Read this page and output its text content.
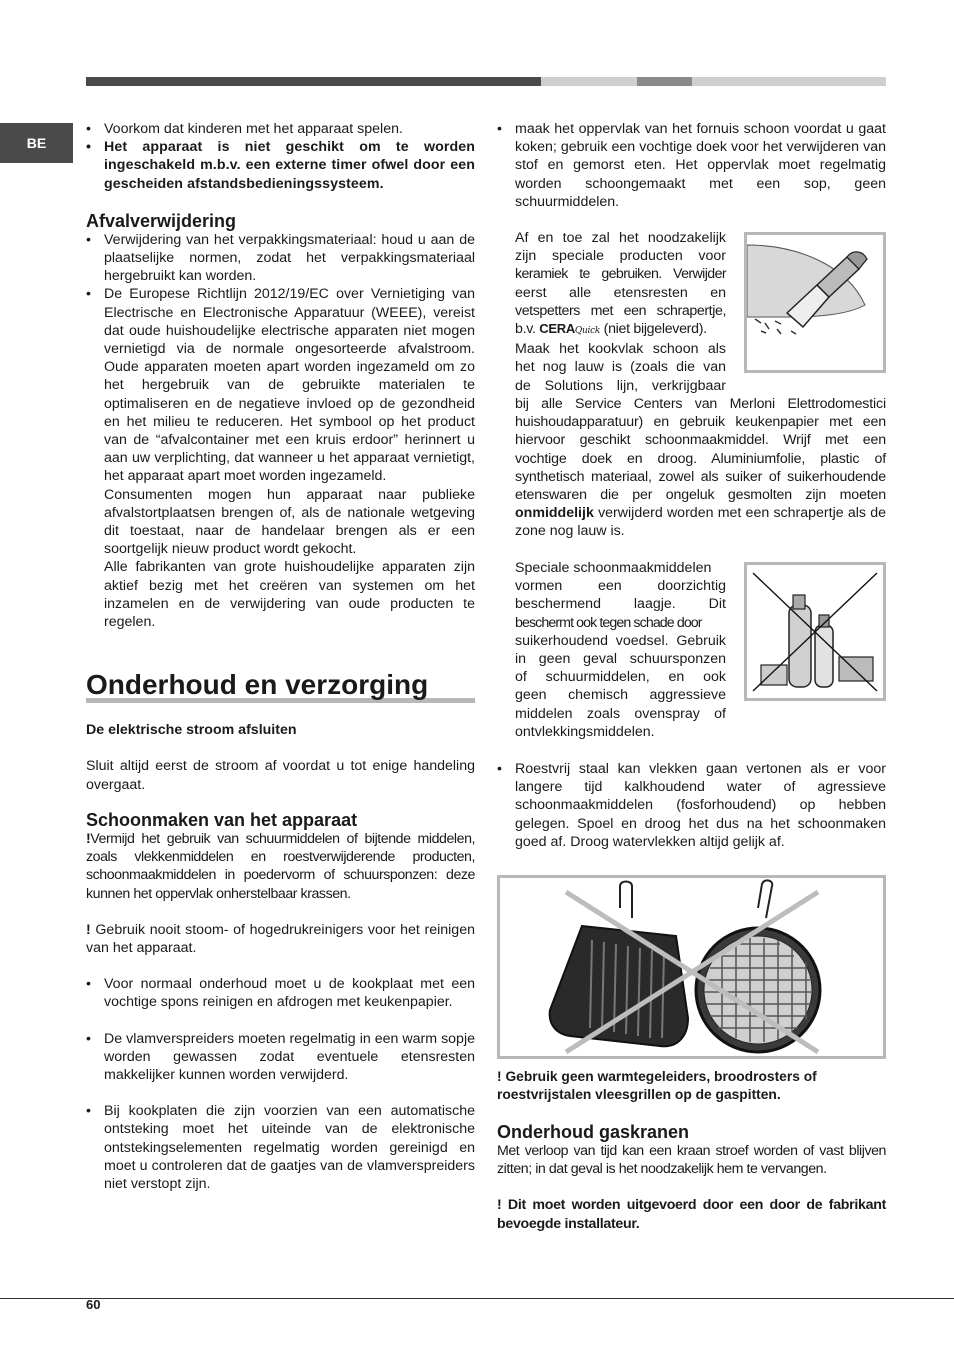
BE
• Voorkom dat kinderen met het apparaat spelen.
• Het apparaat is niet geschikt om te worden ingeschakeld m.b.v. een externe timer ofwel door een gescheiden afstandsbedieningssysteem.
Afvalverwijdering
• Verwijdering van het verpakkingsmateriaal: houd u aan de plaatselijke normen, zodat het verpakkingsmateriaal hergebruikt kan worden.
• De Europese Richtlijn 2012/19/EC over Vernietiging van Electrische en Electronische Apparatuur (WEEE), vereist dat oude huishoudelijke electrische apparaten niet mogen vernietigd via de normale ongesorteerde afvalstroom. Oude apparaten moeten apart worden ingezameld om zo het hergebruik van de gebruikte materialen te optimaliseren en de negatieve invloed op de gezondheid en het milieu te reduceren. Het symbool op het product van de “afvalcontainer met een kruis erdoor” herinnert u aan uw verplichting, dat wanneer u het apparaat vernietigt, het apparaat apart moet worden ingezameld.

Consumenten mogen hun apparaat naar publieke afvalstortplaatsen brengen of, als de nationale wetgeving dit toestaat, naar de handelaar brengen als er een soortgelijk nieuw product wordt gekocht.

Alle fabrikanten van grote huishoudelijke apparaten zijn aktief bezig met het creëren van systemen om het inzamelen en de verwijdering van oude producten te regelen.

Onderhoud en verzorging

De elektrische stroom afsluiten

Sluit altijd eerst de stroom af voordat u tot enige handeling overgaat.

Schoonmaken van het apparaat

!Vermijd het gebruik van schuurmiddelen of bijtende middelen, zoals vlekkenmiddelen en roestverwijderende producten, schoonmaakmiddelen in poedervorm of schuursponzen: deze kunnen het oppervlak onherstelbaar krassen.

! Gebruik nooit stoom- of hogedrukreinigers voor het reinigen van het apparaat.

• Voor normaal onderhoud moet u de kookplaat met een vochtige spons reinigen en afdrogen met keukenpapier.
• De vlamverspreiders moeten regelmatig in een warm sopje worden gewassen zodat eventuele etensresten makkelijker kunnen worden verwijderd.
• Bij kookplaten die zijn voorzien van een automatische ontsteking moet het uiteinde van de elektronische ontstekingselementen regelmatig worden gereinigd en moet u controleren dat de gaatjes van de vlamverspreiders niet verstopt zijn.
• maak het oppervlak van het fornuis schoon voordat u gaat koken; gebruik een vochtige doek voor het verwijderen van stof en gemorst eten. Het oppervlak moet regelmatig worden schoongemaakt met een sop, geen schuurmiddelen.

Af en toe zal het noodzakelijk

zijn speciale producten voor

keramiek te gebruiken. Verwijder

eerst alle etensresten en

vetspetters met een schrapertje,

b.v. CERAQuick (niet bijgeleverd).

Maak het kookvlak schoon als

het nog lauw is (zoals die van

de Solutions lijn, verkrijgbaar

bij alle Service Centers van Merloni Elettrodomestici huishoudapparatuur) en gebruik keukenpapier met een hiervoor geschikt schoonmaakmiddel. Wrijf met een vochtige doek en droog. Aluminiumfolie, plastic of synthetisch materiaal, zowel als suiker of suikerhoudende etenswaren die per ongeluk gesmolten zijn moeten onmiddelijk verwijderd worden met een schrapertje als de zone nog lauw is.

Speciale schoonmaakmiddelen

vormen een doorzichtig

beschermend laagje. Dit

beschermt ook tegen schade door

suikerhoudend voedsel. Gebruik

in geen geval schuursponzen

of schuurmiddelen, en ook

geen chemisch aggressieve

middelen zoals ovenspray of

ontvlekkingsmiddelen.

• Roestvrij staal kan vlekken gaan vertonen als er voor langere tijd kalkhoudend water of agressieve schoonmaakmiddelen (fosforhoudend) op hebben gelegen. Spoel en droog het dus na het schoonmaken goed af. Droog watervlekken altijd gelijk af.
! Gebruik geen warmtegeleiders, broodrosters of roestvrijstalen vleesgrillen op de gaspitten.
Onderhoud gaskranen

Met verloop van tijd kan een kraan stroef worden of vast blijven zitten; in dat geval is het noodzakelijk hem te vervangen.

! Dit moet worden uitgevoerd door een door de fabrikant bevoegde installateur.

60
